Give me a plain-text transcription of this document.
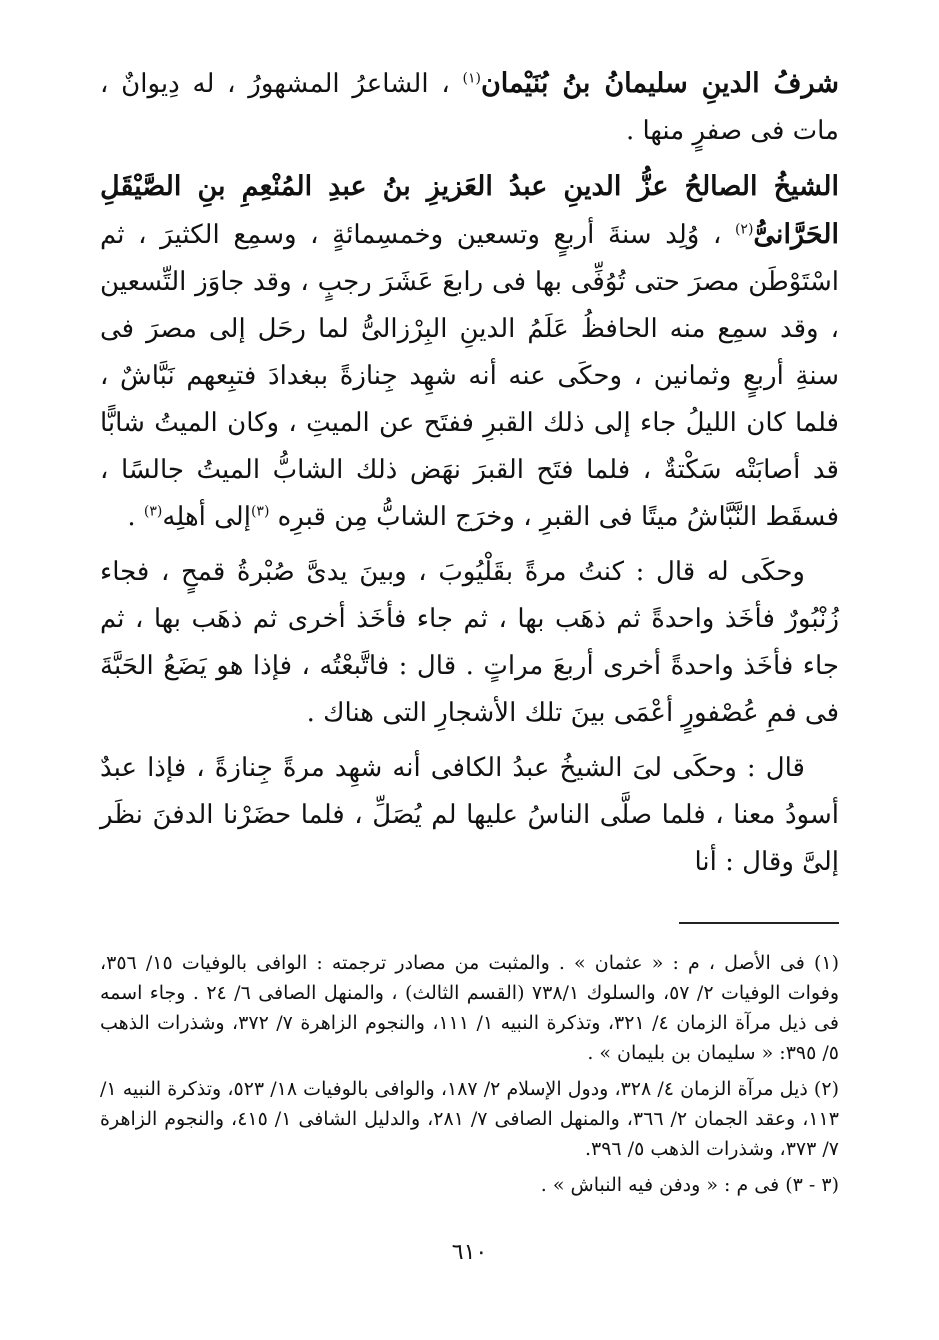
شرفُ الدينِ سليمانُ بنُ بُنَيْمان$^{(١)}$ ، الشاعرُ المشهورُ ، له دِيوانٌ ، مات فى صفرٍ منها .

الشيخُ الصالحُ عزُّ الدينِ عبدُ العَزيزِ بنُ عبدِ المُنْعِمِ بنِ الصَّيْقَلِ الحَرَّانىُّ$^{(٢)}$ ، وُلِد سنةَ أربعٍ وتسعين وخمسِمائةٍ ، وسمِع الكثيرَ ، ثم اسْتَوْطَن مصرَ حتى تُوُفِّى بها فى رابعَ عَشَرَ رجبٍ ، وقد جاوَز التِّسعين ، وقد سمِع منه الحافظُ عَلَمُ الدينِ البِرْزالىُّ لما رحَل إلى مصرَ فى سنةِ أربعٍ وثمانين ، وحكَى عنه أنه شهِد جِنازةً ببغدادَ فتبِعهم نَبَّاشٌ ، فلما كان الليلُ جاء إلى ذلك القبرِ ففتَح عن الميتِ ، وكان الميتُ شابًّا قد أصابَتْه سَكْتةٌ ، فلما فتَح القبرَ نهَض ذلك الشابُّ الميتُ جالسًا ، فسقَط النَّبَّاشُ ميتًا فى القبرِ ، وخرَج الشابُّ مِن قبرِه $^{(٣)}$إلى أهلِه$^{(٣)}$ .

وحكَى له قال : كنتُ مرةً بقَلْيُوبَ ، وبينَ يدىَّ صُبْرةُ قمحٍ ، فجاء زُنْبُورٌ فأخَذ واحدةً ثم ذهَب بها ، ثم جاء فأخَذ أخرى ثم ذهَب بها ، ثم جاء فأخَذ واحدةً أخرى أربعَ مراتٍ . قال : فاتَّبعْتُه ، فإذا هو يَضَعُ الحَبَّةَ فى فمِ عُصْفورٍ أعْمَى بينَ تلك الأشجارِ التى هناك .

قال : وحكَى لىَ الشيخُ عبدُ الكافى أنه شهِد مرةً جِنازةً ، فإذا عبدٌ أسودُ معنا ، فلما صلَّى الناسُ عليها لم يُصَلِّ ، فلما حضَرْنا الدفنَ نظَر إلىَّ وقال : أنا

(١) فى الأصل ، م : « عثمان » . والمثبت من مصادر ترجمته : الوافى بالوفيات ١٥/ ٣٥٦، وفوات الوفيات ٢/ ٥٧، والسلوك ٧٣٨/١ (القسم الثالث) ، والمنهل الصافى ٦/ ٢٤ . وجاء اسمه فى ذيل مرآة الزمان ٤/ ٣٢١، وتذكرة النبيه ١/ ١١١، والنجوم الزاهرة ٧/ ٣٧٢، وشذرات الذهب ٥/ ٣٩٥: « سليمان بن بليمان » .

(٢) ذيل مرآة الزمان ٤/ ٣٢٨، ودول الإسلام ٢/ ١٨٧، والوافى بالوفيات ١٨/ ٥٢٣، وتذكرة النبيه ١/ ١١٣، وعقد الجمان ٢/ ٣٦٦، والمنهل الصافى ٧/ ٢٨١، والدليل الشافى ١/ ٤١٥، والنجوم الزاهرة ٧/ ٣٧٣، وشذرات الذهب ٥/ ٣٩٦.

(٣ - ٣) فى م : « ودفن فيه النباش » .

٦١٠
